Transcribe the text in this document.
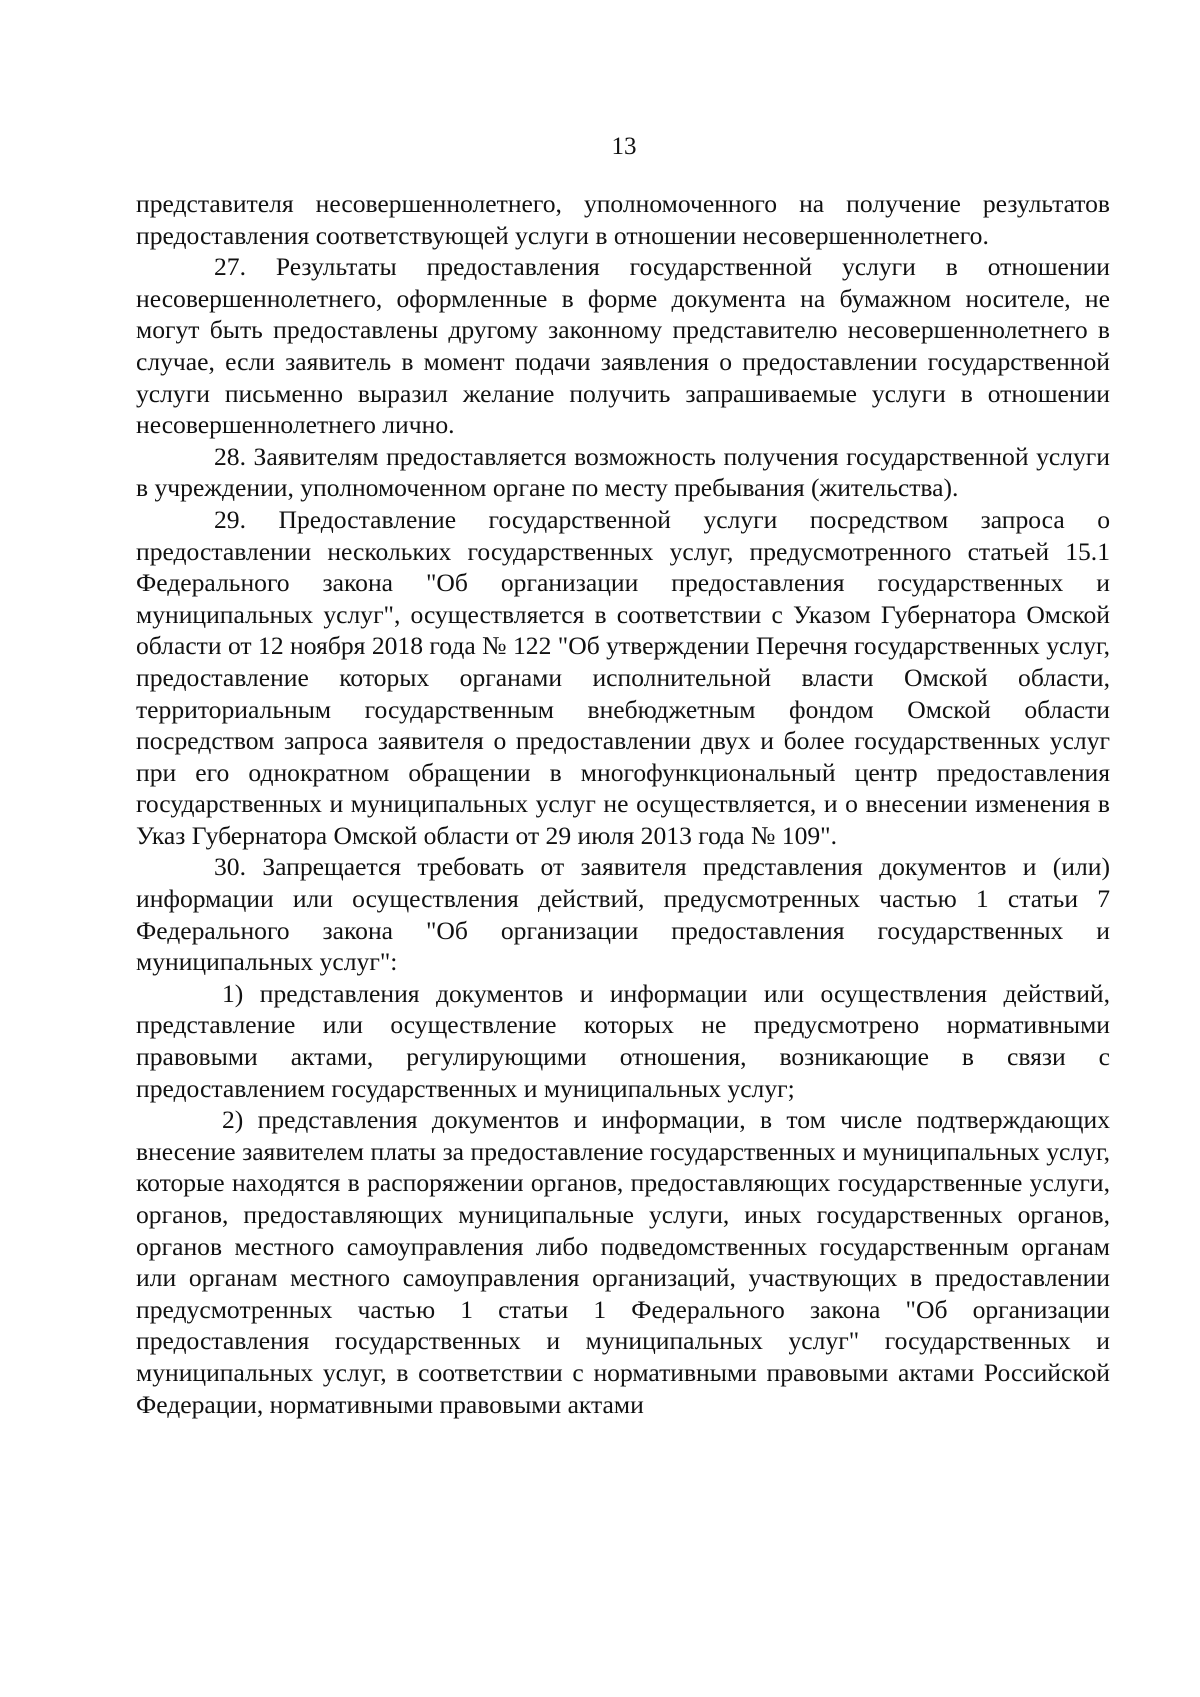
13

представителя несовершеннолетнего, уполномоченного на получение результатов предоставления соответствующей услуги в отношении несовершеннолетнего.

27. Результаты предоставления государственной услуги в отношении несовершеннолетнего, оформленные в форме документа на бумажном носителе, не могут быть предоставлены другому законному представителю несовершеннолетнего в случае, если заявитель в момент подачи заявления о предоставлении государственной услуги письменно выразил желание получить запрашиваемые услуги в отношении несовершеннолетнего лично.

28. Заявителям предоставляется возможность получения государственной услуги в учреждении, уполномоченном органе по месту пребывания (жительства).

29. Предоставление государственной услуги посредством запроса о предоставлении нескольких государственных услуг, предусмотренного статьей 15.1 Федерального закона "Об организации предоставления государственных и муниципальных услуг", осуществляется в соответствии с Указом Губернатора Омской области от 12 ноября 2018 года № 122 "Об утверждении Перечня государственных услуг, предоставление которых органами исполнительной власти Омской области, территориальным государственным внебюджетным фондом Омской области посредством запроса заявителя о предоставлении двух и более государственных услуг при его однократном обращении в многофункциональный центр предоставления государственных и муниципальных услуг не осуществляется, и о внесении изменения в Указ Губернатора Омской области от 29 июля 2013 года № 109".

30. Запрещается требовать от заявителя представления документов и (или) информации или осуществления действий, предусмотренных частью 1 статьи 7 Федерального закона "Об организации предоставления государственных и муниципальных услуг":

1) представления документов и информации или осуществления действий, представление или осуществление которых не предусмотрено нормативными правовыми актами, регулирующими отношения, возникающие в связи с предоставлением государственных и муниципальных услуг;

2) представления документов и информации, в том числе подтверждающих внесение заявителем платы за предоставление государственных и муниципальных услуг, которые находятся в распоряжении органов, предоставляющих государственные услуги, органов, предоставляющих муниципальные услуги, иных государственных органов, органов местного самоуправления либо подведомственных государственным органам или органам местного самоуправления организаций, участвующих в предоставлении предусмотренных частью 1 статьи 1 Федерального закона "Об организации предоставления государственных и муниципальных услуг" государственных и муниципальных услуг, в соответствии с нормативными правовыми актами Российской Федерации, нормативными правовыми актами
